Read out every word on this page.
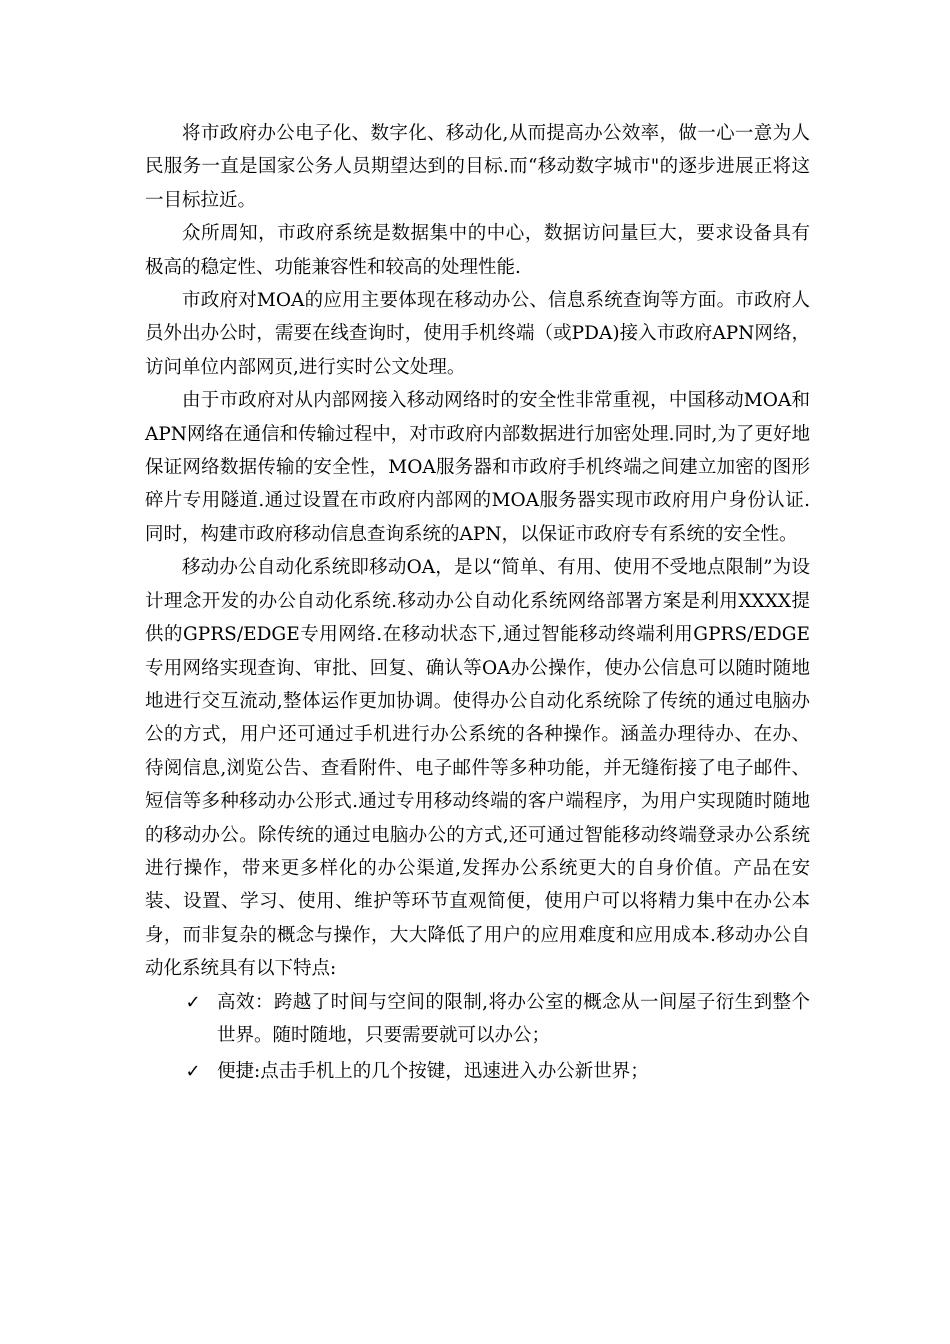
将市政府办公电子化、数字化、移动化,从而提高办公效率，做一心一意为人民服务一直是国家公务人员期望达到的目标.而“移动数字城市"的逐步进展正将这一目标拉近。

众所周知，市政府系统是数据集中的中心，数据访问量巨大，要求设备具有极高的稳定性、功能兼容性和较高的处理性能.

市政府对MOA的应用主要体现在移动办公、信息系统查询等方面。市政府人员外出办公时，需要在线查询时，使用手机终端（或PDA)接入市政府APN网络，访问单位内部网页,进行实时公文处理。

由于市政府对从内部网接入移动网络时的安全性非常重视，中国移动MOA和APN网络在通信和传输过程中，对市政府内部数据进行加密处理.同时,为了更好地保证网络数据传输的安全性，MOA服务器和市政府手机终端之间建立加密的图形碎片专用隧道.通过设置在市政府内部网的MOA服务器实现市政府用户身份认证.同时，构建市政府移动信息查询系统的APN，以保证市政府专有系统的安全性。

移动办公自动化系统即移动OA，是以“简单、有用、使用不受地点限制”为设计理念开发的办公自动化系统.移动办公自动化系统网络部署方案是利用XXXX提供的GPRS/EDGE专用网络.在移动状态下,通过智能移动终端利用GPRS/EDGE专用网络实现查询、审批、回复、确认等OA办公操作，使办公信息可以随时随地地进行交互流动,整体运作更加协调。使得办公自动化系统除了传统的通过电脑办公的方式，用户还可通过手机进行办公系统的各种操作。涵盖办理待办、在办、待阅信息,浏览公告、查看附件、电子邮件等多种功能，并无缝衔接了电子邮件、短信等多种移动办公形式.通过专用移动终端的客户端程序，为用户实现随时随地的移动办公。除传统的通过电脑办公的方式,还可通过智能移动终端登录办公系统进行操作，带来更多样化的办公渠道,发挥办公系统更大的自身价值。产品在安装、设置、学习、使用、维护等环节直观简便，使用户可以将精力集中在办公本身，而非复杂的概念与操作，大大降低了用户的应用难度和应用成本.移动办公自动化系统具有以下特点:

✓ 高效：跨越了时间与空间的限制,将办公室的概念从一间屋子衍生到整个世界。随时随地，只要需要就可以办公；
✓ 便捷:点击手机上的几个按键，迅速进入办公新世界；
